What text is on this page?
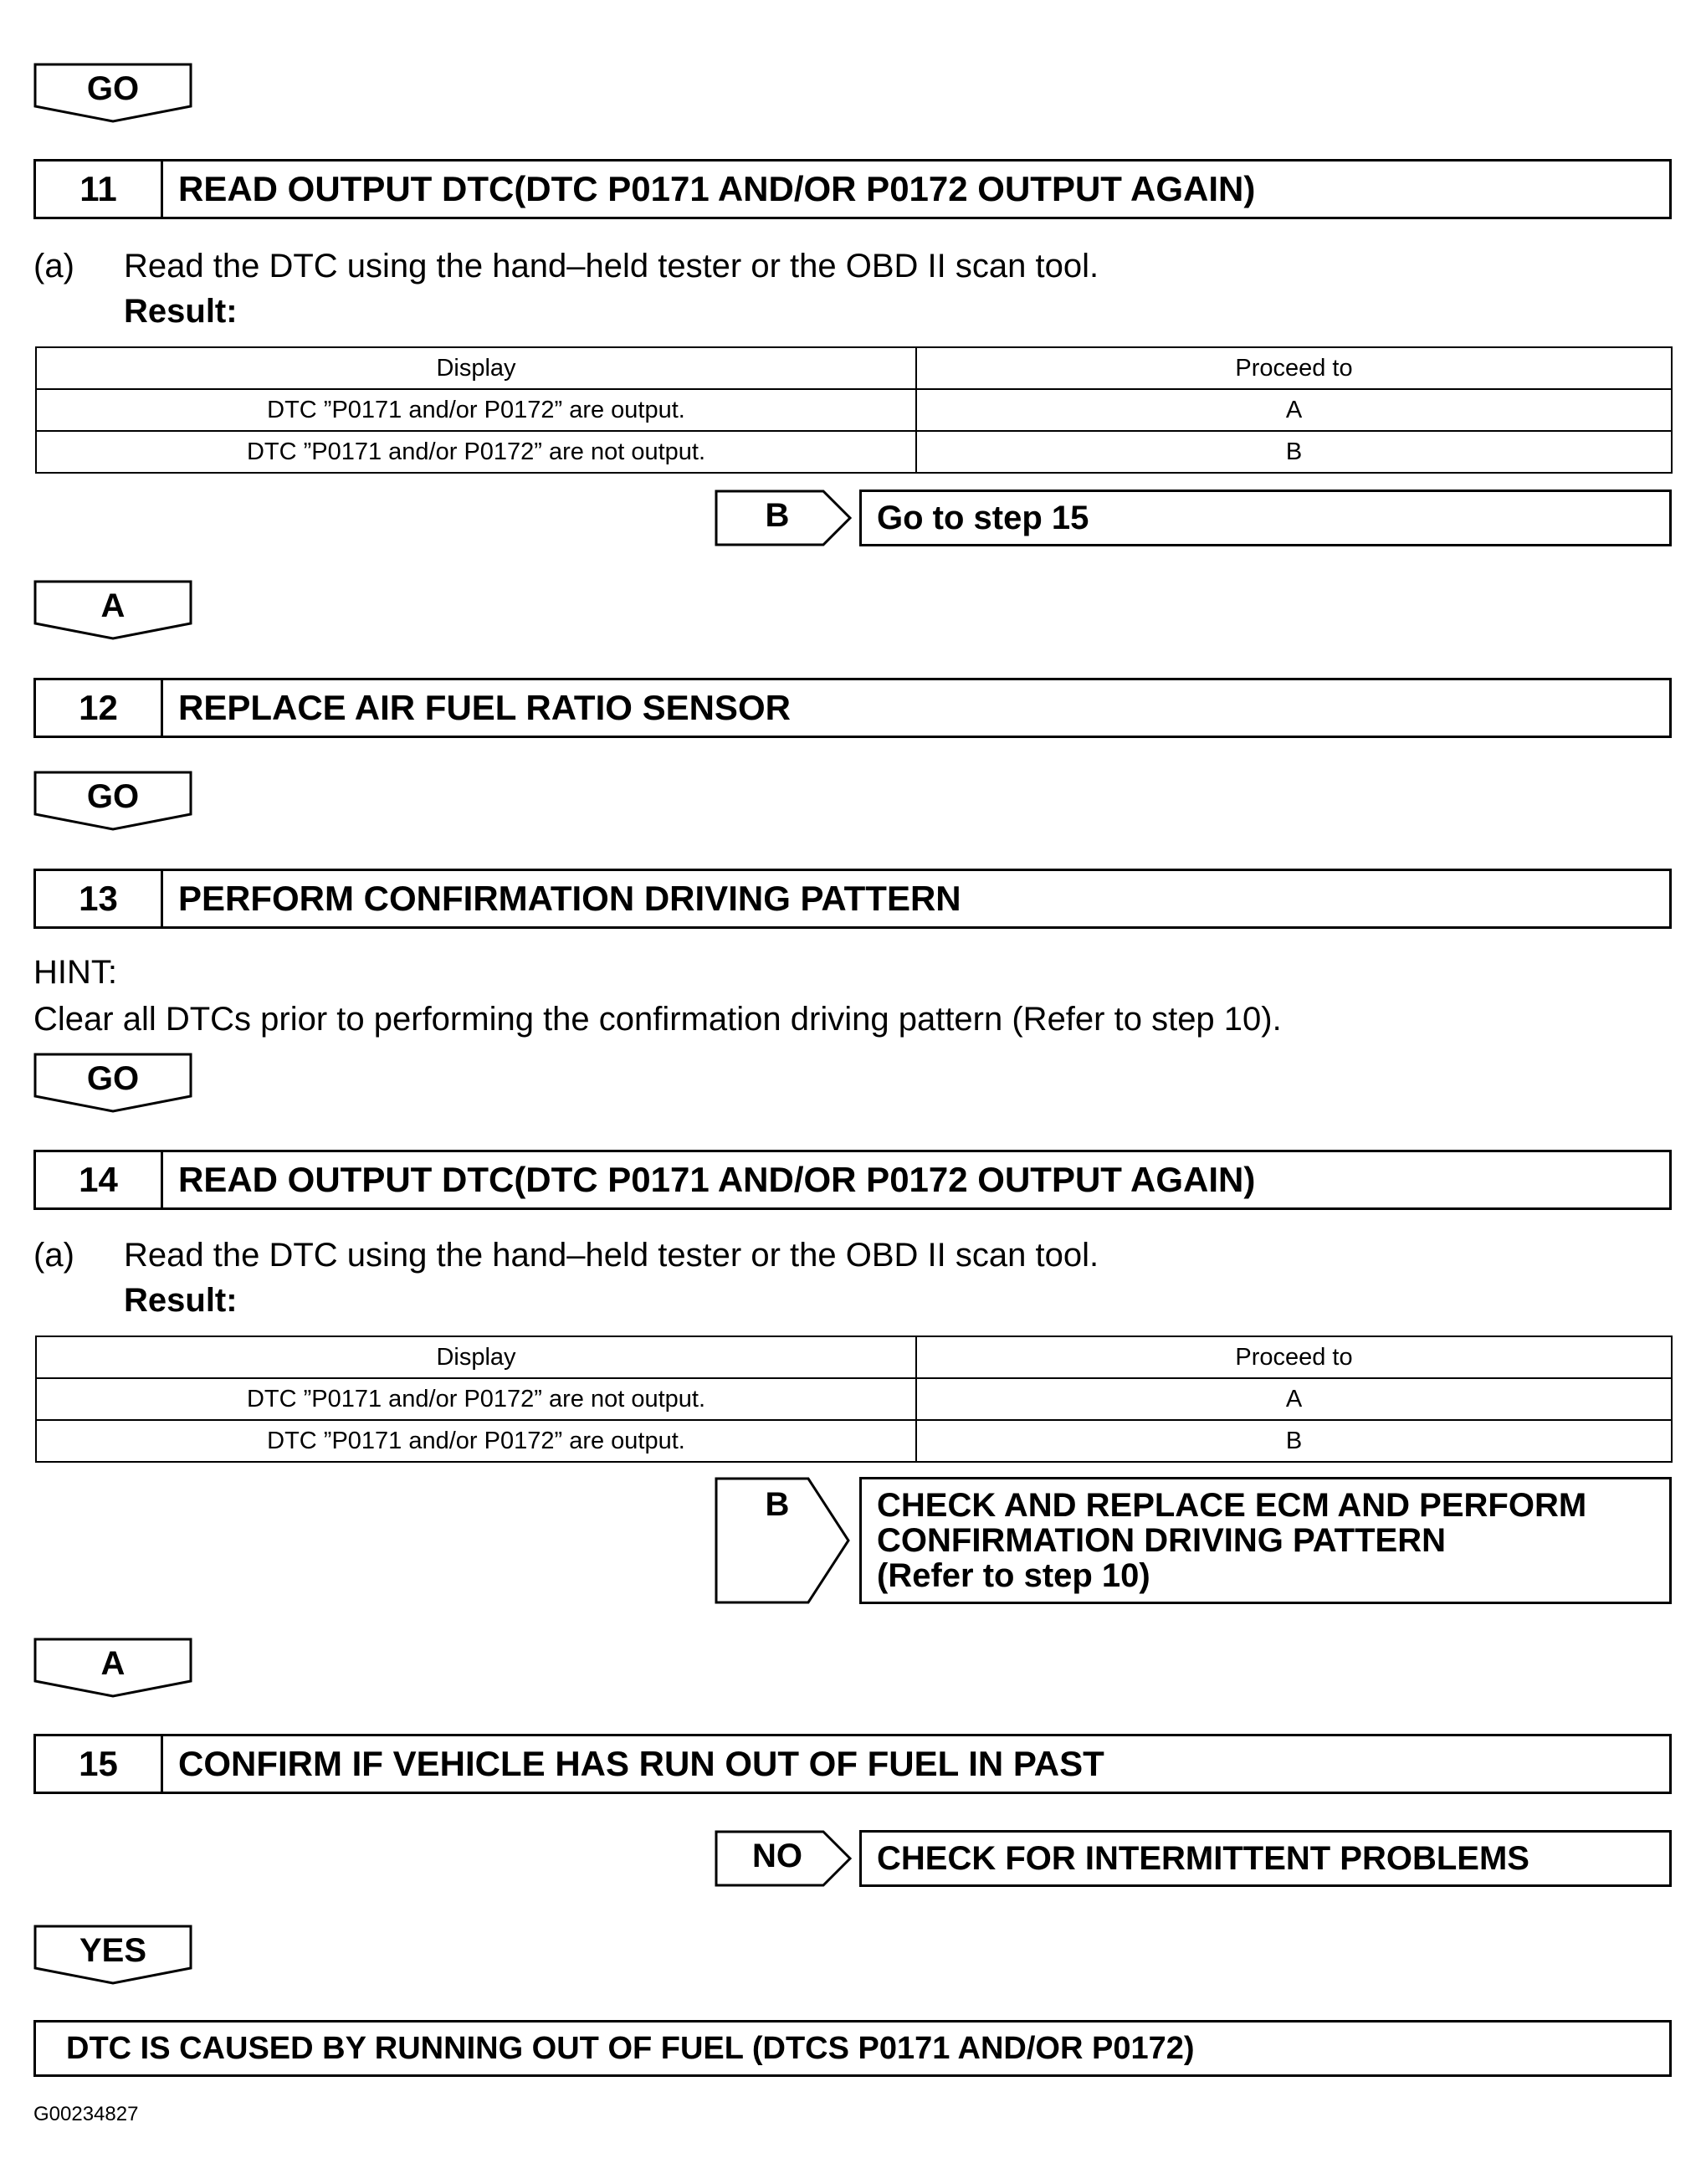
GO
11	READ OUTPUT DTC(DTC P0171 AND/OR P0172 OUTPUT AGAIN)
(a) Read the DTC using the hand–held tester or the OBD II scan tool.
Result:
Display	Proceed to
DTC ”P0171 and/or P0172” are output.	A
DTC ”P0171 and/or P0172” are not output.	B
B	Go to step 15
A
12	REPLACE AIR FUEL RATIO SENSOR
GO
13	PERFORM CONFIRMATION DRIVING PATTERN
HINT:
Clear all DTCs prior to performing the confirmation driving pattern (Refer to step 10).
GO
14	READ OUTPUT DTC(DTC P0171 AND/OR P0172 OUTPUT AGAIN)
(a) Read the DTC using the hand–held tester or the OBD II scan tool.
Result:
Display	Proceed to
DTC ”P0171 and/or P0172” are not output.	A
DTC ”P0171 and/or P0172” are output.	B
B	CHECK AND REPLACE ECM AND PERFORM
CONFIRMATION DRIVING PATTERN
(Refer to step 10)
A
15	CONFIRM IF VEHICLE HAS RUN OUT OF FUEL IN PAST
NO	CHECK FOR INTERMITTENT PROBLEMS
YES
DTC IS CAUSED BY RUNNING OUT OF FUEL (DTCS P0171 AND/OR P0172)
G00234827
